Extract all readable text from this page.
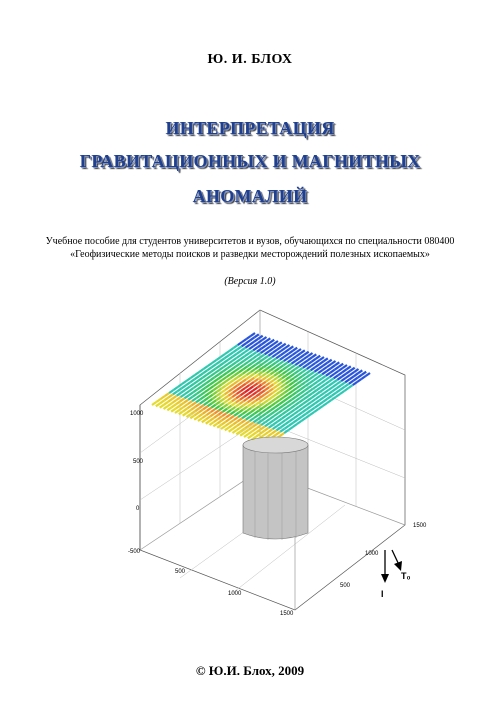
Ю. И. БЛОХ
ИНТЕРПРЕТАЦИЯ
ГРАВИТАЦИОННЫХ И МАГНИТНЫХ
АНОМАЛИЙ
Учебное пособие для студентов университетов и вузов, обучающихся по специальности 080400
«Геофизические методы поисков и разведки месторождений полезных ископаемых»
(Версия 1.0)
1000
500
0
-500
500
1000
1500
500
1000
1500
T₀
I
© Ю.И. Блох, 2009
